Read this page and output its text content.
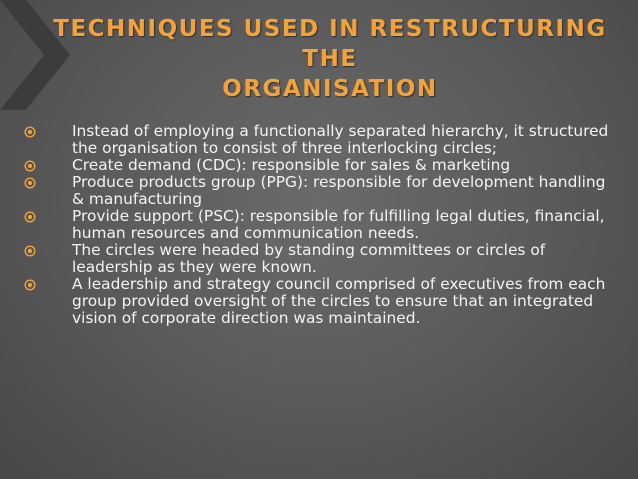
TECHNIQUES USED IN RESTRUCTURING THE
ORGANISATION
Instead of employing a functionally separated hierarchy, it structured the organisation to consist of three interlocking circles;
Create demand (CDC): responsible for sales & marketing
Produce products group (PPG): responsible for development handling & manufacturing
Provide support (PSC): responsible for fulfilling legal duties, financial, human resources and communication needs.
The circles were headed by standing committees or circles of leadership as they were known.
A leadership and strategy council comprised of executives from each group provided oversight of the circles to ensure that an integrated vision of corporate direction was maintained.
